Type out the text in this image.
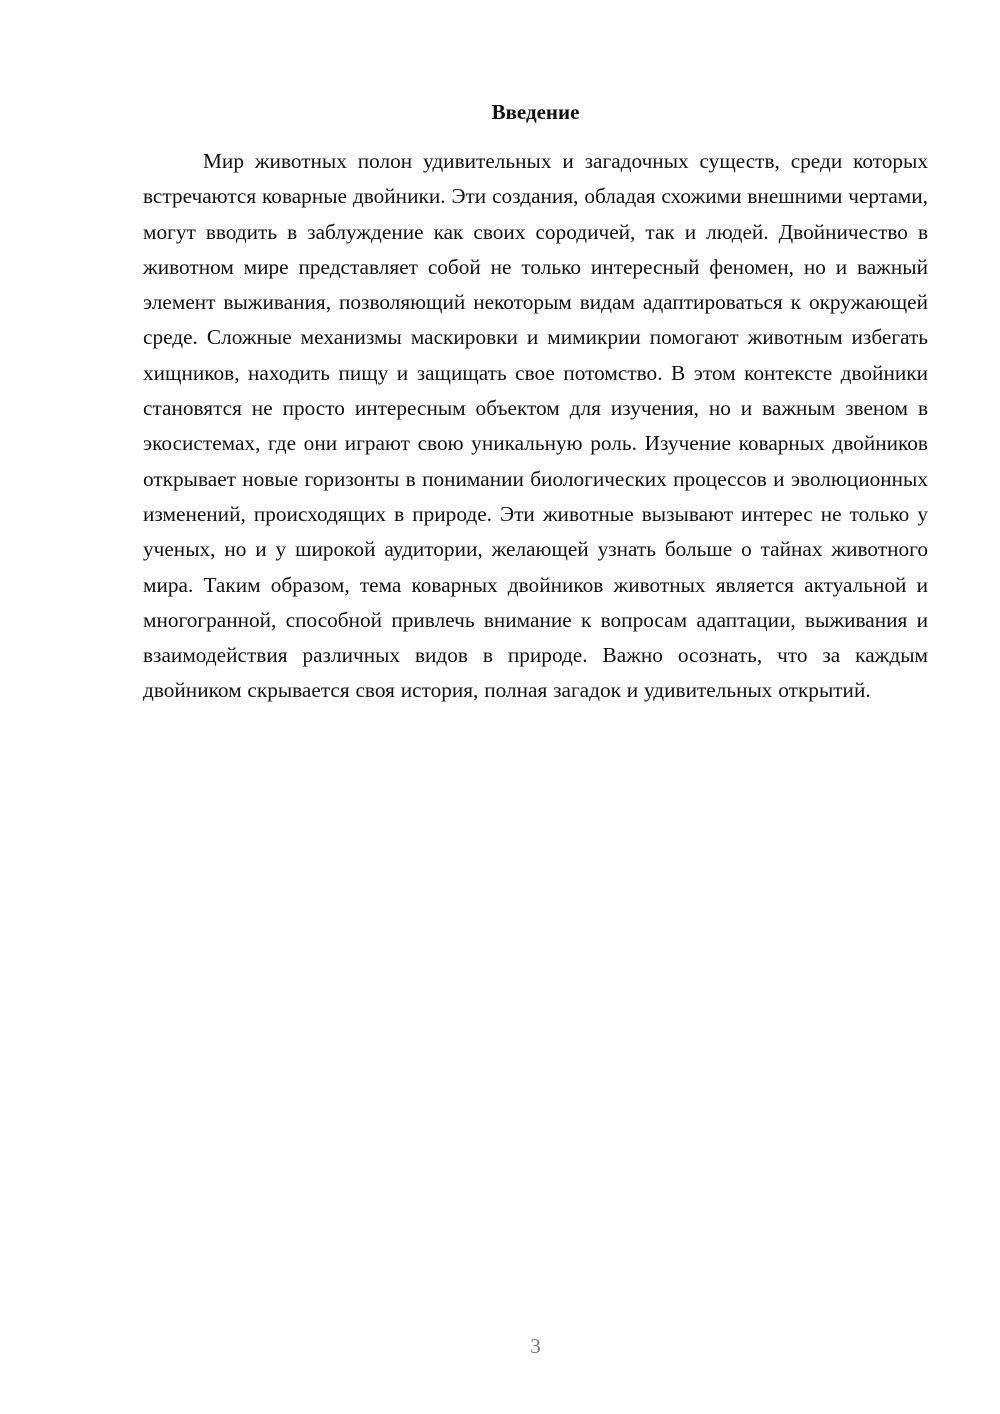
Введение

Мир животных полон удивительных и загадочных существ, среди которых встречаются коварные двойники. Эти создания, обладая схожими внешними чертами, могут вводить в заблуждение как своих сородичей, так и людей. Двойничество в животном мире представляет собой не только интересный феномен, но и важный элемент выживания, позволяющий некоторым видам адаптироваться к окружающей среде. Сложные механизмы маскировки и мимикрии помогают животным избегать хищников, находить пищу и защищать свое потомство. В этом контексте двойники становятся не просто интересным объектом для изучения, но и важным звеном в экосистемах, где они играют свою уникальную роль. Изучение коварных двойников открывает новые горизонты в понимании биологических процессов и эволюционных изменений, происходящих в природе. Эти животные вызывают интерес не только у ученых, но и у широкой аудитории, желающей узнать больше о тайнах животного мира. Таким образом, тема коварных двойников животных является актуальной и многогранной, способной привлечь внимание к вопросам адаптации, выживания и взаимодействия различных видов в природе. Важно осознать, что за каждым двойником скрывается своя история, полная загадок и удивительных открытий.

3
